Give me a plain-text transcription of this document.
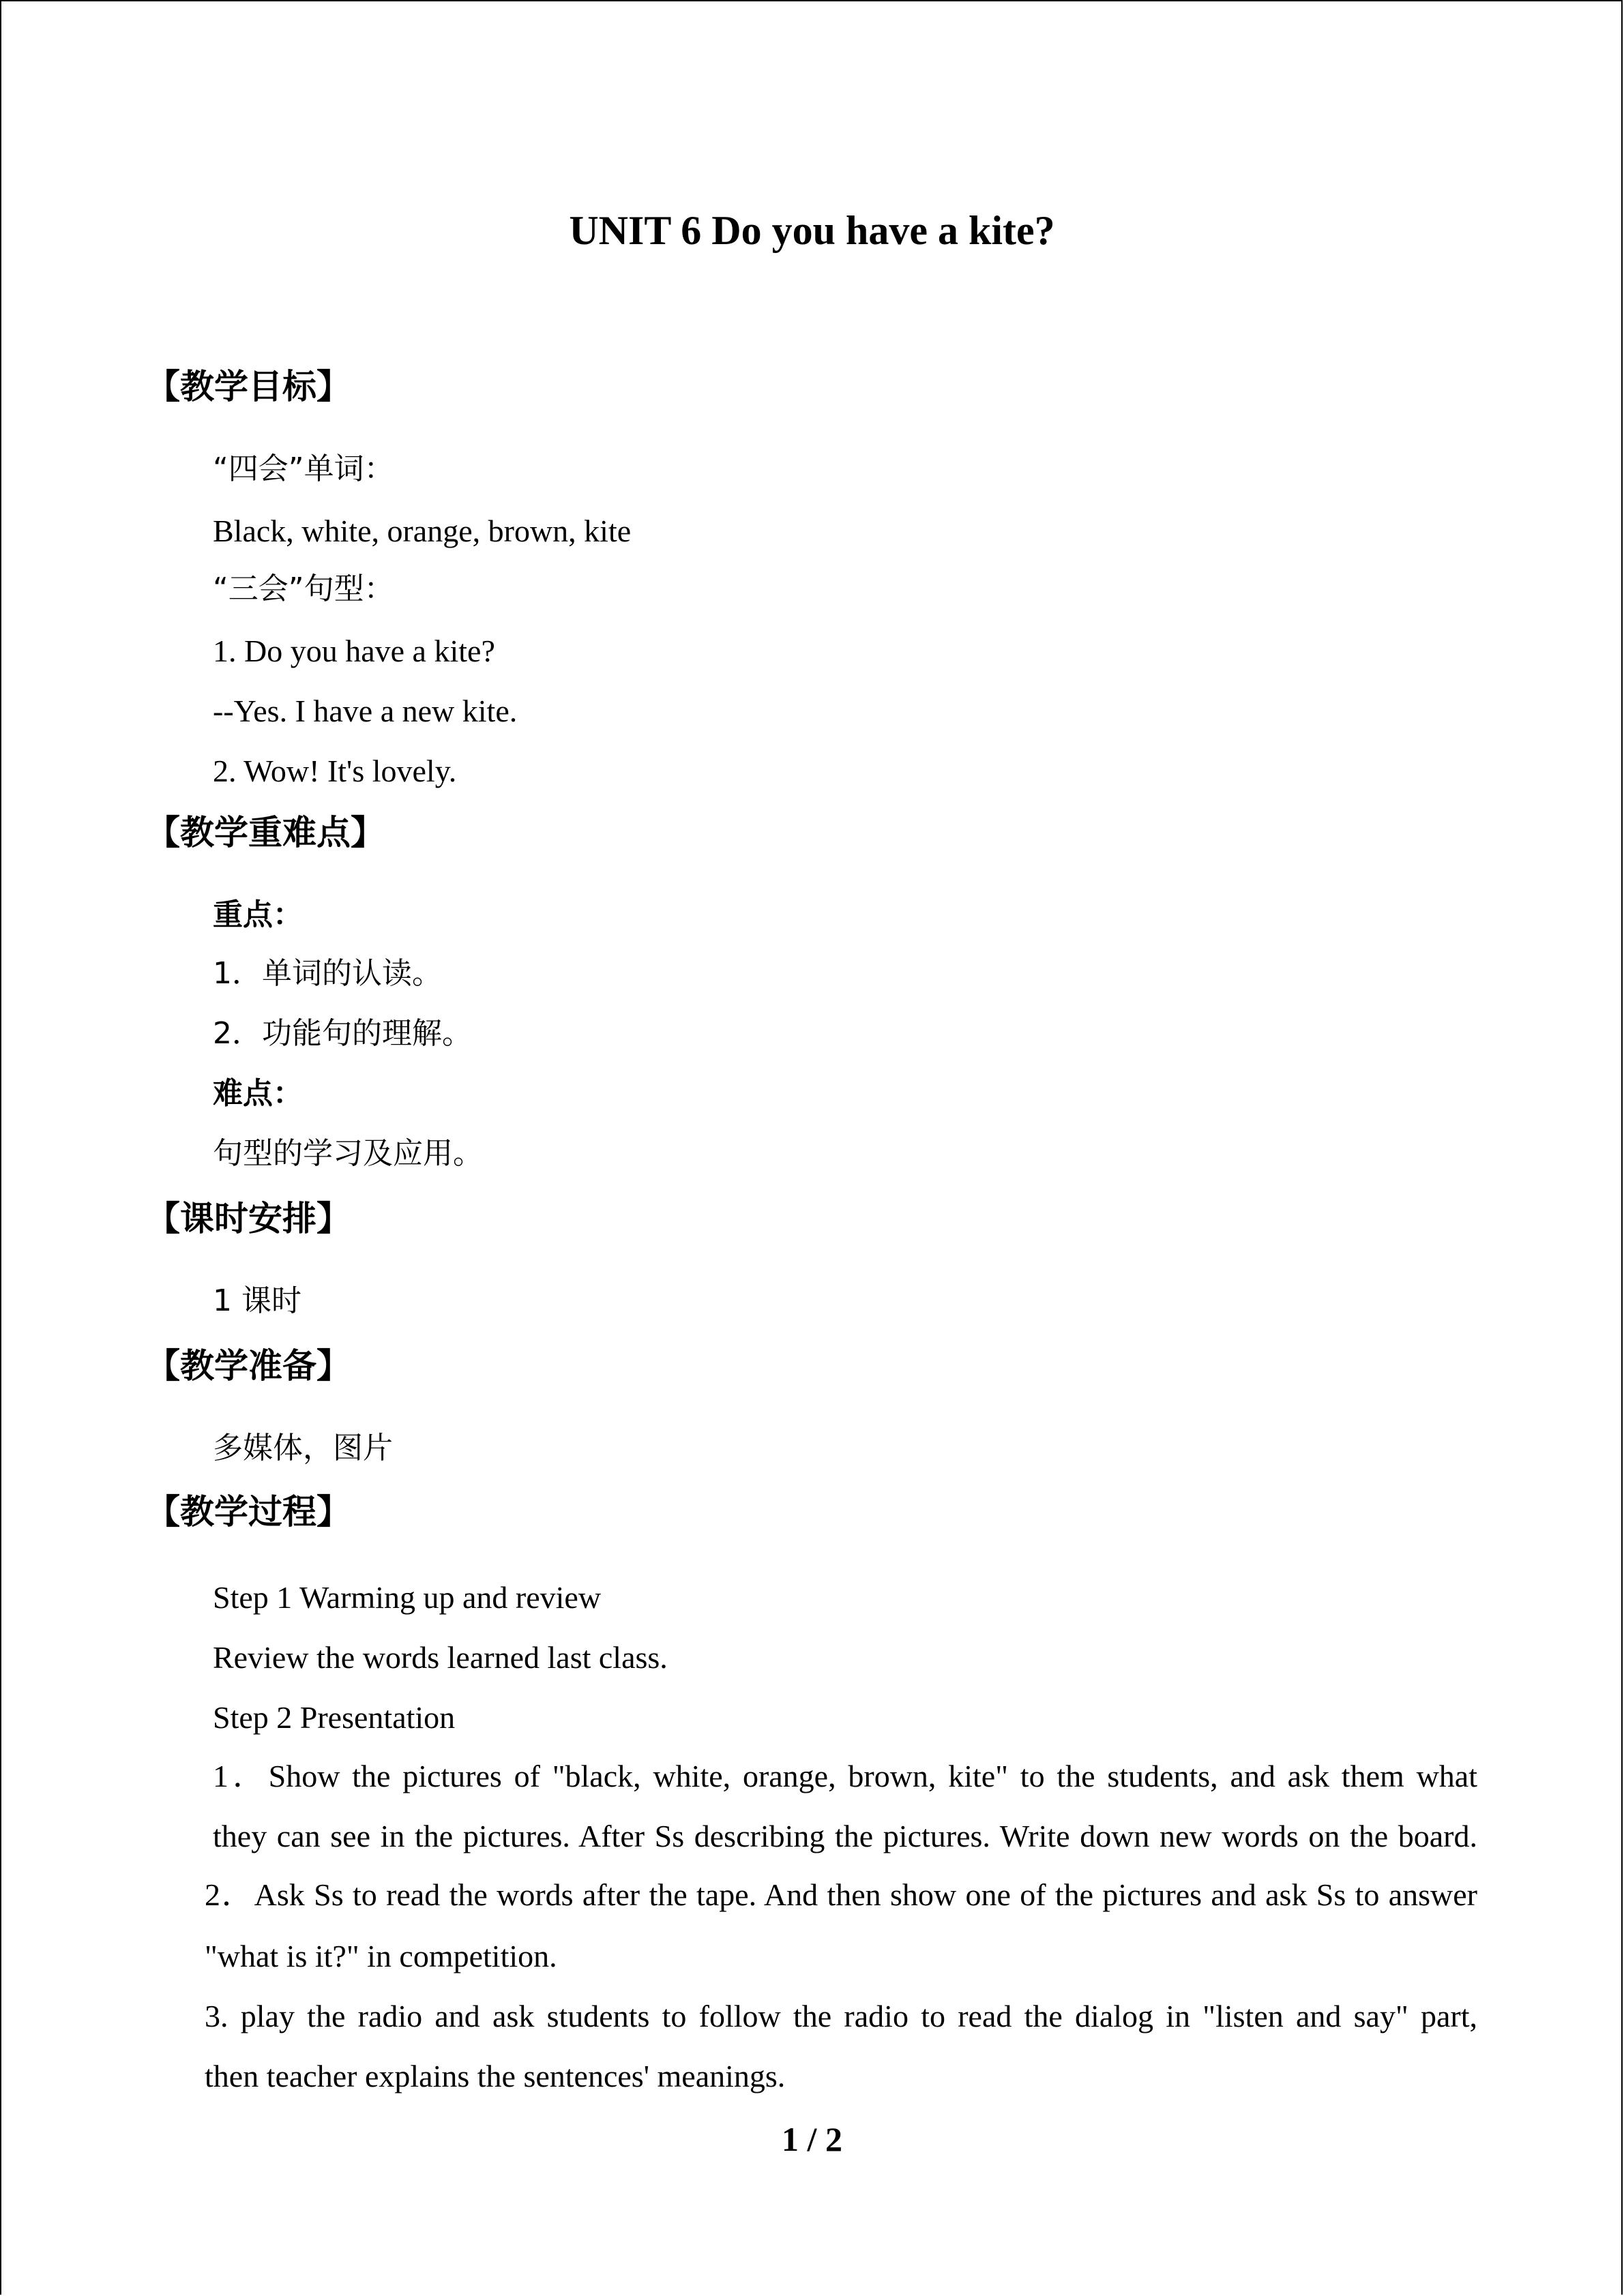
UNIT 6 Do you have a kite?
【教学目标】
“四会”单词：
Black, white, orange, brown, kite
“三会”句型：
1. Do you have a kite?
--Yes. I have a new kite.
2. Wow! It's lovely.
【教学重难点】
重点：
1．单词的认读。
2．功能句的理解。
难点：
句型的学习及应用。
【课时安排】
1 课时
【教学准备】
多媒体，图片
【教学过程】
Step 1 Warming up and review
Review the words learned last class.
Step 2 Presentation
1．Show the pictures of "black, white, orange, brown, kite" to the students, and ask them what
they can see in the pictures. After Ss describing the pictures. Write down new words on the board.
2．Ask Ss to read the words after the tape. And then show one of the pictures and ask Ss to answer
"what is it?" in competition.
3. play the radio and ask students to follow the radio to read the dialog in "listen and say" part,
then teacher explains the sentences' meanings.
1 / 2
